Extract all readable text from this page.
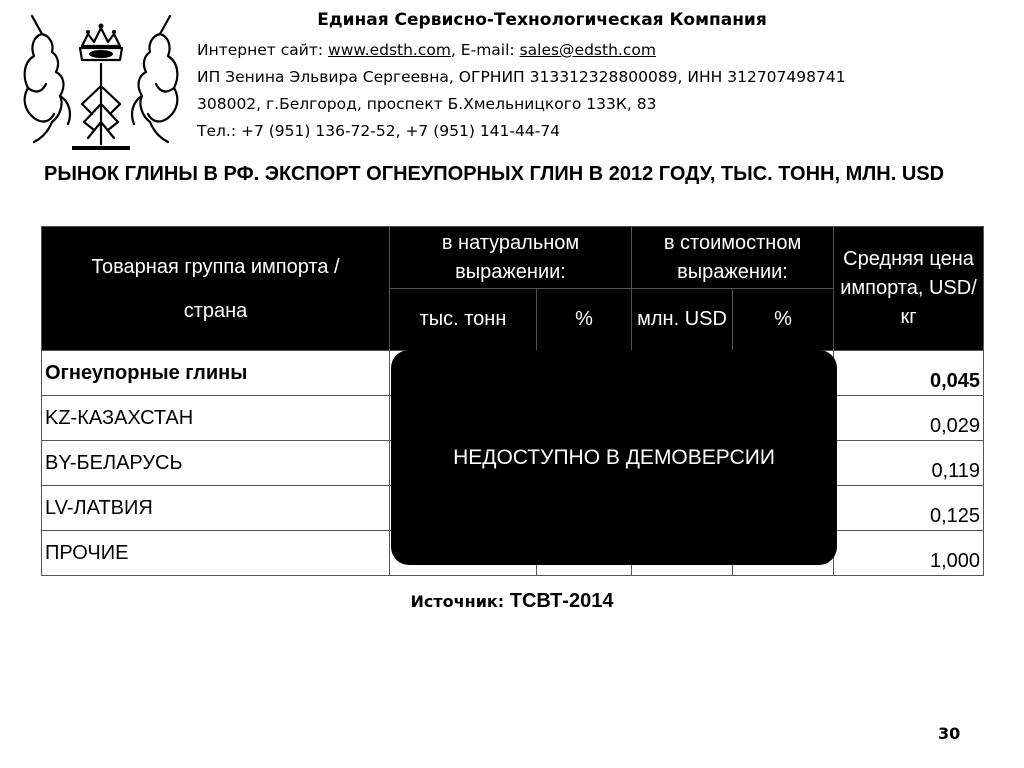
Единая Сервисно-Технологическая Компания
Интернет сайт: www.edsth.com, E-mail: sales@edsth.com
ИП Зенина Эльвира Сергеевна, ОГРНИП 313312328800089, ИНН 312707498741
308002, г.Белгород, проспект Б.Хмельницкого 133К, 83
Тел.: +7 (951) 136-72-52, +7 (951) 141-44-74
РЫНОК ГЛИНЫ В РФ. ЭКСПОРТ ОГНЕУПОРНЫХ ГЛИН В 2012 ГОДУ, ТЫС. ТОНН, МЛН. USD
Товарная группа импорта /
страна	в натуральном выражении:		в стоимостном выражении:		Средняя цена импорта, USD/кг
	тыс. тонн	%	млн. USD	%	
Огнеупорные глины					0,045
KZ-КАЗАХСТАН					0,029
BY-БЕЛАРУСЬ					0,119
LV-ЛАТВИЯ					0,125
ПРОЧИЕ					1,000
НЕДОСТУПНО В ДЕМОВЕРСИИ
Источник: ТСВТ-2014
30
